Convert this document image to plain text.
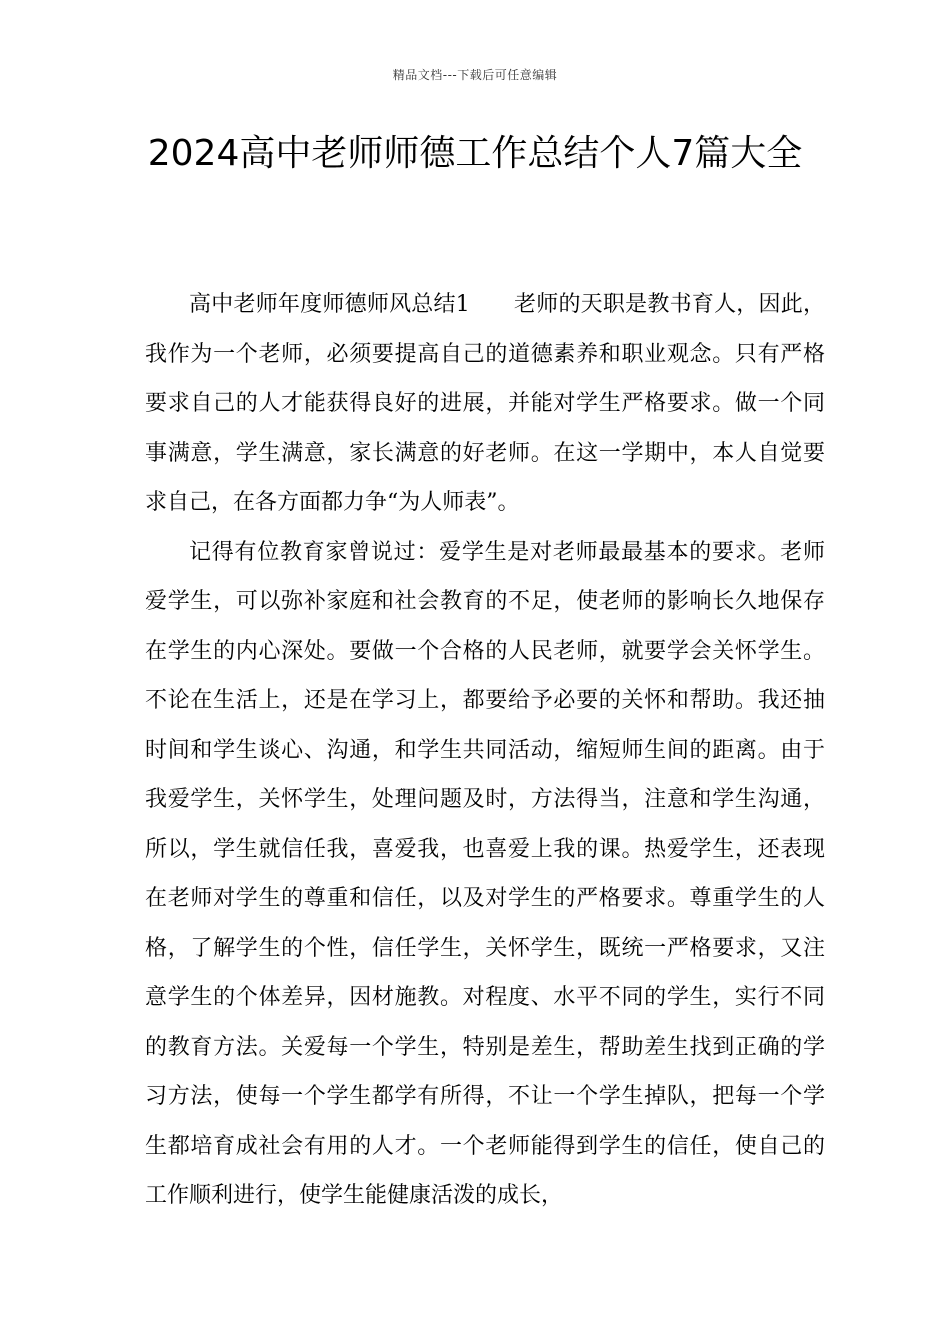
精品文档---下载后可任意编辑
2024高中老师师德工作总结个人7篇大全

高中老师年度师德师风总结1 老师的天职是教书育人，因此，我作为一个老师，必须要提高自己的道德素养和职业观念。只有严格要求自己的人才能获得良好的进展，并能对学生严格要求。做一个同事满意，学生满意，家长满意的好老师。在这一学期中，本人自觉要求自己，在各方面都力争“为人师表”。

记得有位教育家曾说过：爱学生是对老师最最基本的要求。老师爱学生，可以弥补家庭和社会教育的不足，使老师的影响长久地保存在学生的内心深处。要做一个合格的人民老师，就要学会关怀学生。不论在生活上，还是在学习上，都要给予必要的关怀和帮助。我还抽时间和学生谈心、沟通，和学生共同活动，缩短师生间的距离。由于我爱学生，关怀学生，处理问题及时，方法得当，注意和学生沟通，所以，学生就信任我，喜爱我，也喜爱上我的课。热爱学生，还表现在老师对学生的尊重和信任，以及对学生的严格要求。尊重学生的人格，了解学生的个性，信任学生，关怀学生，既统一严格要求，又注意学生的个体差异，因材施教。对程度、水平不同的学生，实行不同的教育方法。关爱每一个学生，特别是差生，帮助差生找到正确的学习方法，使每一个学生都学有所得，不让一个学生掉队，把每一个学生都培育成社会有用的人才。一个老师能得到学生的信任，使自己的工作顺利进行，使学生能健康活泼的成长，
